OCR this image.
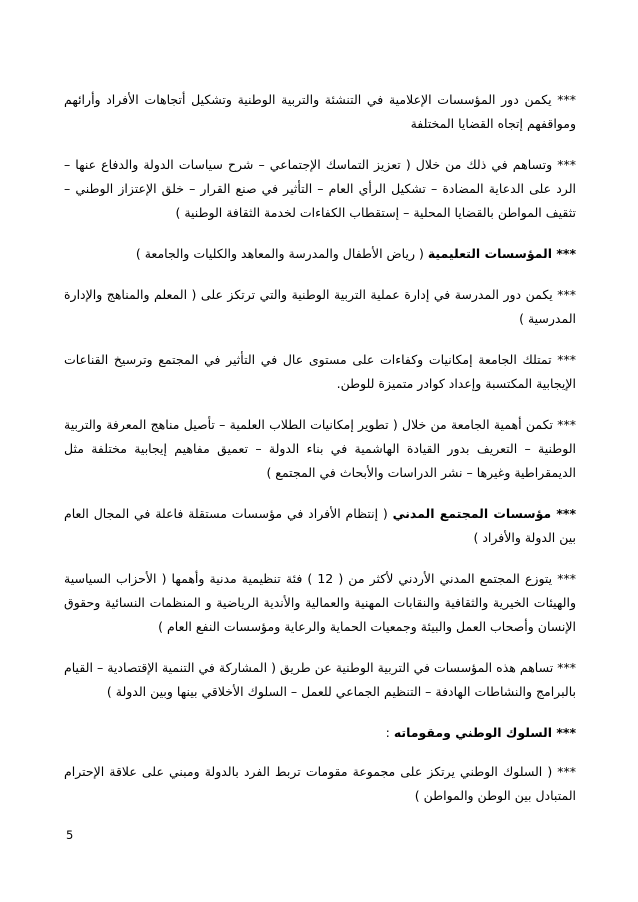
*** يكمن دور المؤسسات الإعلامية في التنشئة والتربية الوطنية وتشكيل أتجاهات الأفراد وأرائهم ومواقفهم إتجاه القضايا المختلفة

*** وتساهم في ذلك من خلال ( تعزيز التماسك الإجتماعي – شرح سياسات الدولة والدفاع عنها – الرد على الدعاية المضادة – تشكيل الرأي العام – التأثير في صنع القرار – خلق الإعتزاز الوطني – تثقيف المواطن بالقضايا المحلية – إستقطاب الكفاءات لخدمة الثقافة الوطنية )

*** المؤسسات التعليمية ( رياض الأطفال والمدرسة والمعاهد والكليات والجامعة )

*** يكمن دور المدرسة في إدارة عملية التربية الوطنية والتي ترتكز على ( المعلم والمناهج والإدارة المدرسية )

*** تمتلك الجامعة إمكانيات وكفاءات على مستوى عال في التأثير في المجتمع وترسيخ القناعات الإيجابية المكتسبة وإعداد كوادر متميزة للوطن.

*** تكمن أهمية الجامعة من خلال ( تطوير إمكانيات الطلاب العلمية – تأصيل مناهج المعرفة والتربية الوطنية – التعريف بدور القيادة الهاشمية في بناء الدولة – تعميق مفاهيم إيجابية مختلفة مثل الديمقراطية وغيرها – نشر الدراسات والأبحاث في المجتمع )

*** مؤسسات المجتمع المدني ( إنتظام الأفراد في مؤسسات مستقلة فاعلة في المجال العام بين الدولة والأفراد )

*** يتوزع المجتمع المدني الأردني لأكثر من ( 12 ) فئة تنظيمية مدنية وأهمها ( الأحزاب السياسية والهيئات الخيرية والثقافية والنقابات المهنية والعمالية والأندية الرياضية و المنظمات النسائية وحقوق الإنسان وأصحاب العمل والبيئة وجمعيات الحماية والرعاية ومؤسسات النفع العام )

*** تساهم هذه المؤسسات في التربية الوطنية عن طريق ( المشاركة في التنمية الإقتصادية – القيام بالبرامج والنشاطات الهادفة – التنظيم الجماعي للعمل – السلوك الأخلاقي بينها وبين الدولة )

*** السلوك الوطني ومقوماته :

*** ( السلوك الوطني يرتكز على مجموعة مقومات تربط الفرد بالدولة ومبني على علاقة الإحترام المتبادل بين الوطن والمواطن )

5
